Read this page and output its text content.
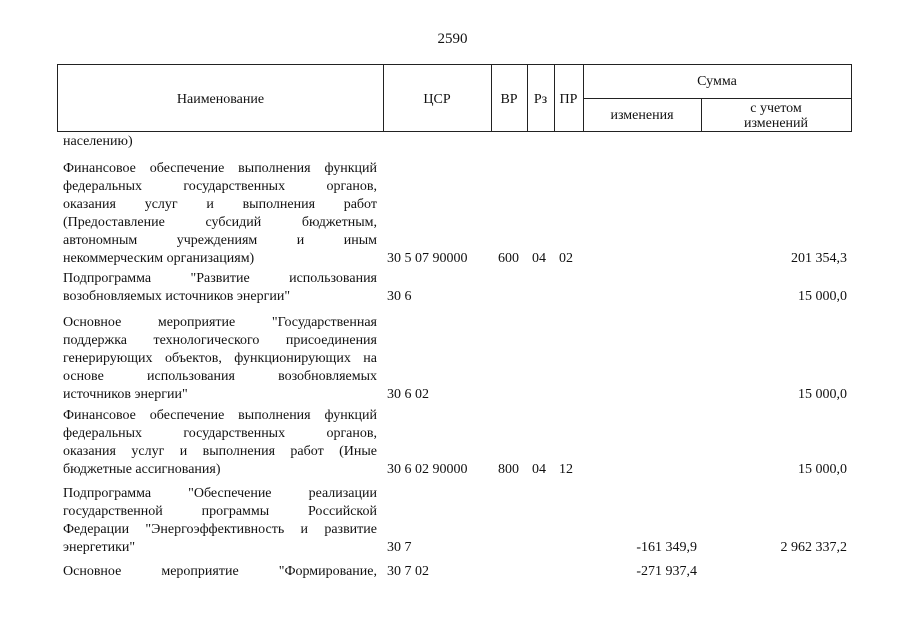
2590
Наименование	ЦСР	ВР	Рз ПР
Сумма
изменения	с учетом изменений
населению)
Финансовое обеспечение выполнения функций
федеральных государственных органов,
оказания услуг и выполнения работ
(Предоставление субсидий бюджетным,
автономным учреждениям и иным
некоммерческим организациям)	30 5 07 90000 600 04 02	201 354,3
Подпрограмма "Развитие использования
возобновляемых источников энергии"	30 6	15 000,0
Основное мероприятие "Государственная
поддержка технологического присоединения
генерирующих объектов, функционирующих на
основе использования возобновляемых
источников энергии"	30 6 02	15 000,0
Финансовое обеспечение выполнения функций
федеральных государственных органов,
оказания услуг и выполнения работ (Иные
бюджетные ассигнования)	30 6 02 90000 800 04 12	15 000,0
Подпрограмма "Обеспечение реализации
государственной программы Российской
Федерации "Энергоэффективность и развитие
энергетики"	30 7	-161 349,9	2 962 337,2
Основное мероприятие "Формирование, 30 7 02	-271 937,4
